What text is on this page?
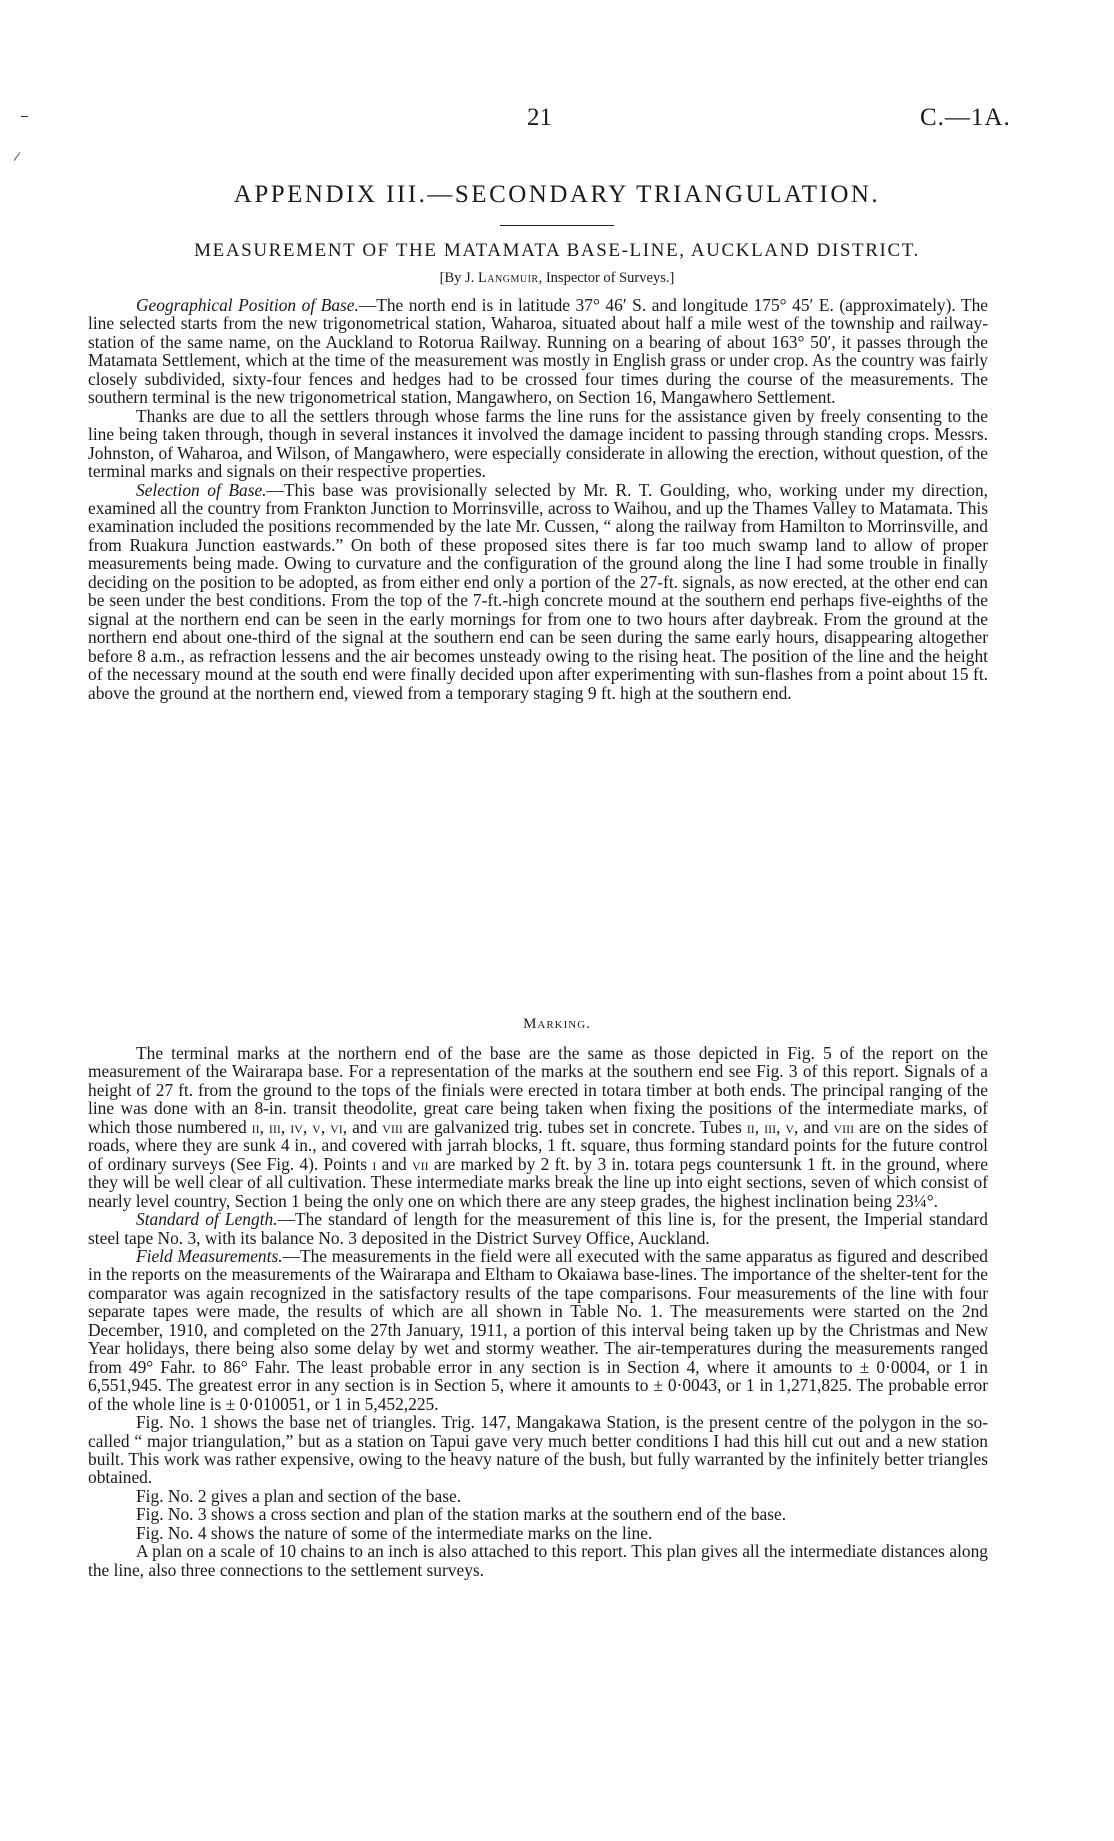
21	C.—1A.
APPENDIX III.—SECONDARY TRIANGULATION.
MEASUREMENT OF THE MATAMATA BASE-LINE, AUCKLAND DISTRICT.
[By J. Langmuir, Inspector of Surveys.]

Geographical Position of Base.—The north end is in latitude 37° 46′ S. and longitude 175° 45′ E. (approximately). The line selected starts from the new trigonometrical station, Waharoa, situated about half a mile west of the township and railway-station of the same name, on the Auckland to Rotorua Railway. Running on a bearing of about 163° 50′, it passes through the Matamata Settlement, which at the time of the measurement was mostly in English grass or under crop. As the country was fairly closely subdivided, sixty-four fences and hedges had to be crossed four times during the course of the measurements. The southern terminal is the new trigonometrical station, Mangawhero, on Section 16, Mangawhero Settlement.

Thanks are due to all the settlers through whose farms the line runs for the assistance given by freely consenting to the line being taken through, though in several instances it involved the damage incident to passing through standing crops. Messrs. Johnston, of Waharoa, and Wilson, of Mangawhero, were especially considerate in allowing the erection, without question, of the terminal marks and signals on their respective properties.

Selection of Base.—This base was provisionally selected by Mr. R. T. Goulding, who, working under my direction, examined all the country from Frankton Junction to Morrinsville, across to Waihou, and up the Thames Valley to Matamata. This examination included the positions recommended by the late Mr. Cussen, “ along the railway from Hamilton to Morrinsville, and from Ruakura Junction eastwards.” On both of these proposed sites there is far too much swamp land to allow of proper measurements being made. Owing to curvature and the configuration of the ground along the line I had some trouble in finally deciding on the position to be adopted, as from either end only a portion of the 27-ft. signals, as now erected, at the other end can be seen under the best conditions. From the top of the 7-ft.-high concrete mound at the southern end perhaps five-eighths of the signal at the northern end can be seen in the early mornings for from one to two hours after daybreak. From the ground at the northern end about one-third of the signal at the southern end can be seen during the same early hours, disappearing altogether before 8 a.m., as refraction lessens and the air becomes unsteady owing to the rising heat. The position of the line and the height of the necessary mound at the south end were finally decided upon after experimenting with sun-flashes from a point about 15 ft. above the ground at the northern end, viewed from a temporary staging 9 ft. high at the southern end.

Marking.

The terminal marks at the northern end of the base are the same as those depicted in Fig. 5 of the report on the measurement of the Wairarapa base. For a representation of the marks at the southern end see Fig. 3 of this report. Signals of a height of 27 ft. from the ground to the tops of the finials were erected in totara timber at both ends. The principal ranging of the line was done with an 8-in. transit theodolite, great care being taken when fixing the positions of the intermediate marks, of which those numbered ii, iii, iv, v, vi, and viii are galvanized trig. tubes set in concrete. Tubes ii, iii, v, and viii are on the sides of roads, where they are sunk 4 in., and covered with jarrah blocks, 1 ft. square, thus forming standard points for the future control of ordinary surveys (See Fig. 4). Points i and vii are marked by 2 ft. by 3 in. totara pegs countersunk 1 ft. in the ground, where they will be well clear of all cultivation. These intermediate marks break the line up into eight sections, seven of which consist of nearly level country, Section 1 being the only one on which there are any steep grades, the highest inclination being 23¼°.

Standard of Length.—The standard of length for the measurement of this line is, for the present, the Imperial standard steel tape No. 3, with its balance No. 3 deposited in the District Survey Office, Auckland.

Field Measurements.—The measurements in the field were all executed with the same apparatus as figured and described in the reports on the measurements of the Wairarapa and Eltham to Okaiawa base-lines. The importance of the shelter-tent for the comparator was again recognized in the satisfactory results of the tape comparisons. Four measurements of the line with four separate tapes were made, the results of which are all shown in Table No. 1. The measurements were started on the 2nd December, 1910, and completed on the 27th January, 1911, a portion of this interval being taken up by the Christmas and New Year holidays, there being also some delay by wet and stormy weather. The air-temperatures during the measurements ranged from 49° Fahr. to 86° Fahr. The least probable error in any section is in Section 4, where it amounts to ± 0·0004, or 1 in 6,551,945. The greatest error in any section is in Section 5, where it amounts to ± 0·0043, or 1 in 1,271,825. The probable error of the whole line is ± 0·010051, or 1 in 5,452,225.

Fig. No. 1 shows the base net of triangles. Trig. 147, Mangakawa Station, is the present centre of the polygon in the so-called “ major triangulation,” but as a station on Tapui gave very much better conditions I had this hill cut out and a new station built. This work was rather expensive, owing to the heavy nature of the bush, but fully warranted by the infinitely better triangles obtained.

Fig. No. 2 gives a plan and section of the base.

Fig. No. 3 shows a cross section and plan of the station marks at the southern end of the base.

Fig. No. 4 shows the nature of some of the intermediate marks on the line.

A plan on a scale of 10 chains to an inch is also attached to this report. This plan gives all the intermediate distances along the line, also three connections to the settlement surveys.
